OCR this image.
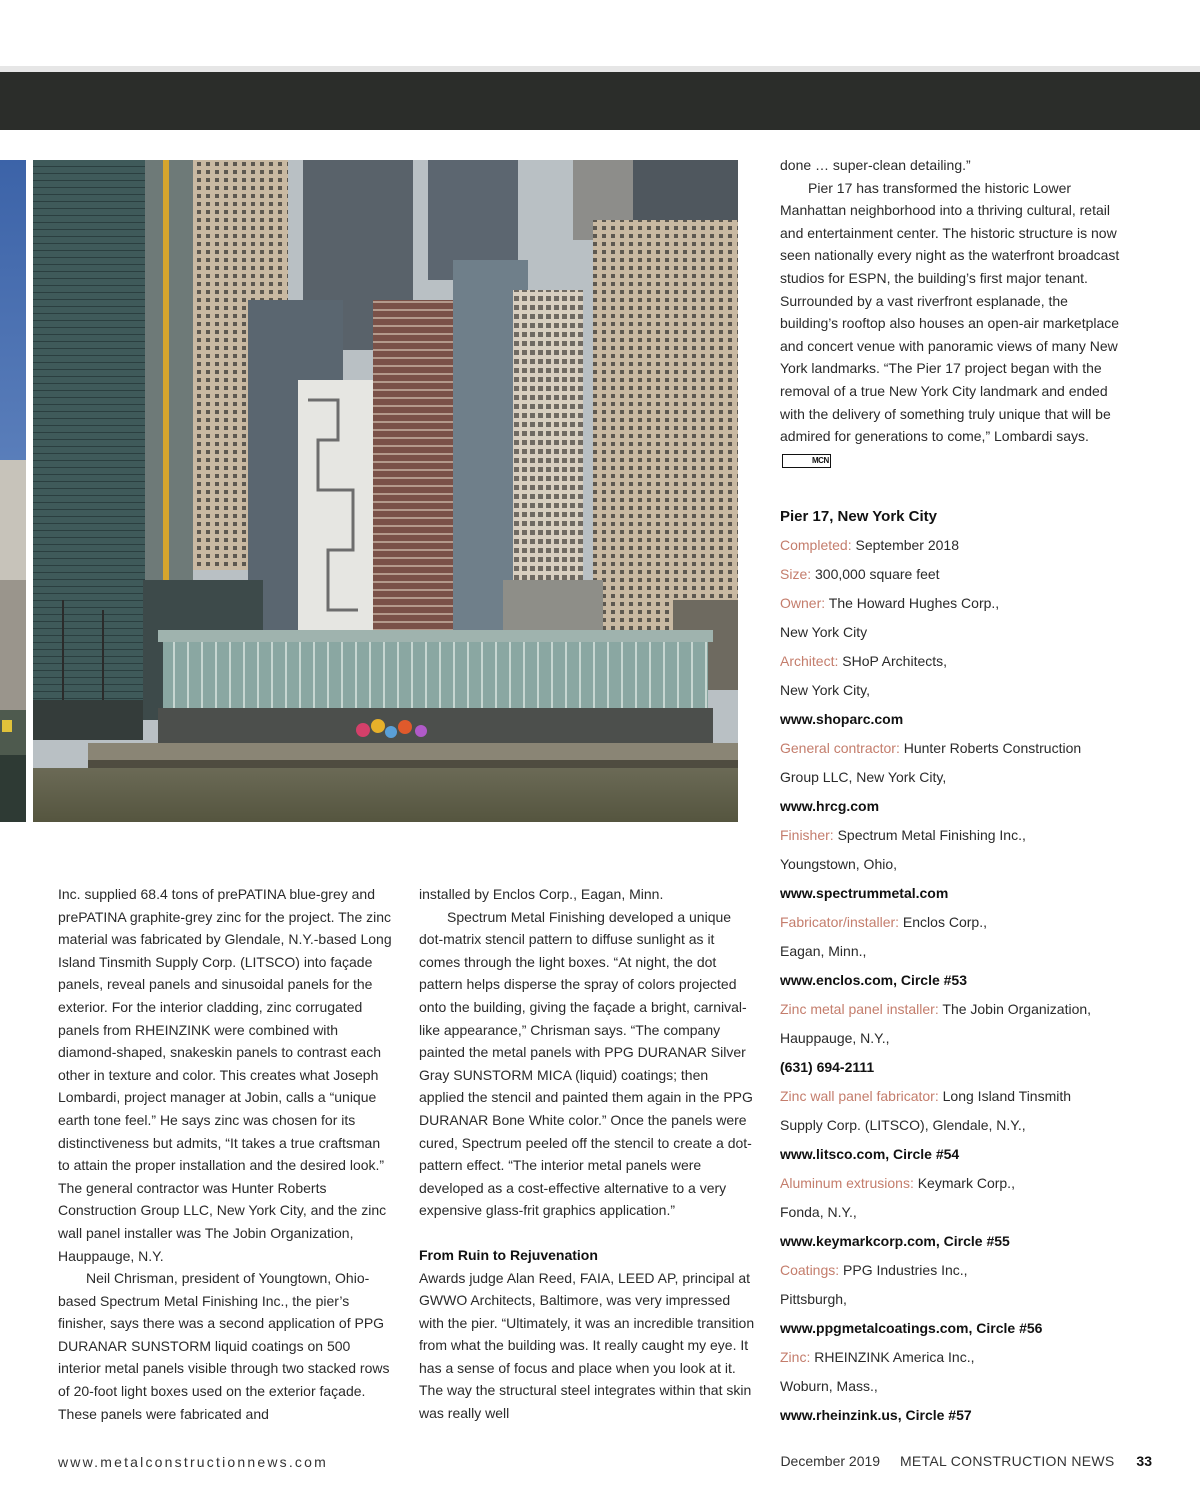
Inc. supplied 68.4 tons of prePATINA blue-grey and prePATINA graphite-grey zinc for the project. The zinc material was fabricated by Glendale, N.Y.-based Long Island Tinsmith Supply Corp. (LITSCO) into façade panels, reveal panels and sinusoidal panels for the exterior. For the interior cladding, zinc corrugated panels from RHEINZINK were combined with diamond-shaped, snakeskin panels to contrast each other in texture and color. This creates what Joseph Lombardi, project manager at Jobin, calls a “unique earth tone feel.” He says zinc was chosen for its distinctiveness but admits, “It takes a true craftsman to attain the proper installation and the desired look.” The general contractor was Hunter Roberts Construction Group LLC, New York City, and the zinc wall panel installer was The Jobin Organization, Hauppauge, N.Y.

Neil Chrisman, president of Youngtown, Ohio-based Spectrum Metal Finishing Inc., the pier’s finisher, says there was a second application of PPG DURANAR SUNSTORM liquid coatings on 500 interior metal panels visible through two stacked rows of 20-foot light boxes used on the exterior façade. These panels were fabricated and

installed by Enclos Corp., Eagan, Minn.

Spectrum Metal Finishing developed a unique dot-matrix stencil pattern to diffuse sunlight as it comes through the light boxes. “At night, the dot pattern helps disperse the spray of colors projected onto the building, giving the façade a bright, carnival-like appearance,” Chrisman says. “The company painted the metal panels with PPG DURANAR Silver Gray SUNSTORM MICA (liquid) coatings; then applied the stencil and painted them again in the PPG DURANAR Bone White color.” Once the panels were cured, Spectrum peeled off the stencil to create a dot-pattern effect. “The interior metal panels were developed as a cost-effective alternative to a very expensive glass-frit graphics application.”

From Ruin to Rejuvenation

Awards judge Alan Reed, FAIA, LEED AP, principal at GWWO Architects, Baltimore, was very impressed with the pier. “Ultimately, it was an incredible transition from what the building was. It really caught my eye. It has a sense of focus and place when you look at it. The way the structural steel integrates within that skin was really well

done … super-clean detailing.”

Pier 17 has transformed the historic Lower Manhattan neighborhood into a thriving cultural, retail and entertainment center. The historic structure is now seen nationally every night as the waterfront broadcast studios for ESPN, the building’s first major tenant. Surrounded by a vast riverfront esplanade, the building’s rooftop also houses an open-air marketplace and concert venue with panoramic views of many New York landmarks. “The Pier 17 project began with the removal of a true New York City landmark and ended with the delivery of something truly unique that will be admired for generations to come,” Lombardi says.MCN

Pier 17, New York City
Completed: September 2018
Size: 300,000 square feet
Owner: The Howard Hughes Corp.,
New York City
Architect: SHoP Architects,
New York City,
www.shoparc.com
General contractor: Hunter Roberts Construction
Group LLC, New York City,
www.hrcg.com
Finisher: Spectrum Metal Finishing Inc.,
Youngstown, Ohio,
www.spectrummetal.com
Fabricator/installer: Enclos Corp.,
Eagan, Minn.,
www.enclos.com, Circle #53
Zinc metal panel installer: The Jobin Organization,
Hauppauge, N.Y.,
(631) 694-2111
Zinc wall panel fabricator: Long Island Tinsmith
Supply Corp. (LITSCO), Glendale, N.Y.,
www.litsco.com, Circle #54
Aluminum extrusions: Keymark Corp.,
Fonda, N.Y.,
www.keymarkcorp.com, Circle #55
Coatings: PPG Industries Inc.,
Pittsburgh,
www.ppgmetalcoatings.com, Circle #56
Zinc: RHEINZINK America Inc.,
Woburn, Mass.,
www.rheinzink.us, Circle #57
www.metalconstructionnews.com	December 2019 METAL CONSTRUCTION NEWS 33
